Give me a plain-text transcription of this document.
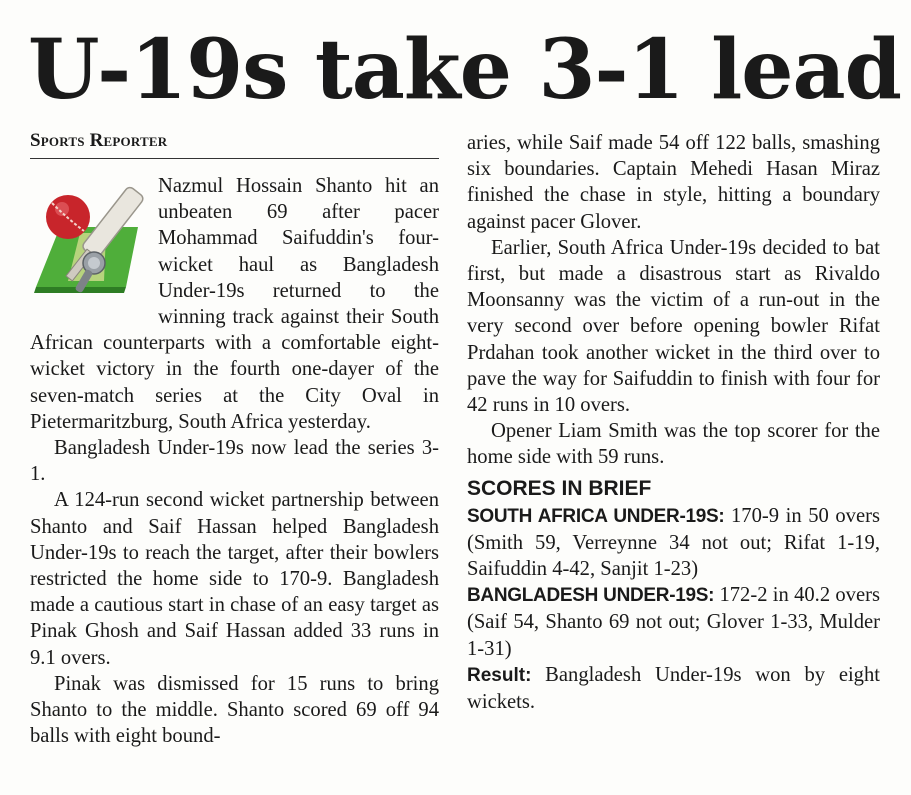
U-19s take 3-1 lead
Sports Reporter

Nazmul Hossain Shanto hit an unbeaten 69 after pacer Mohammad Saifuddin's four-wicket haul as Bangladesh Under-19s returned to the winning track against their South African counterparts with a comfortable eight-wicket victory in the fourth one-dayer of the seven-match series at the City Oval in Pietermaritzburg, South Africa yesterday.

Bangladesh Under-19s now lead the series 3-1.

A 124-run second wicket partnership between Shanto and Saif Hassan helped Bangladesh Under-19s to reach the target, after their bowlers restricted the home side to 170-9. Bangladesh made a cautious start in chase of an easy target as Pinak Ghosh and Saif Hassan added 33 runs in 9.1 overs.

Pinak was dismissed for 15 runs to bring Shanto to the middle. Shanto scored 69 off 94 balls with eight bound-

aries, while Saif made 54 off 122 balls, smashing six boundaries. Captain Mehedi Hasan Miraz finished the chase in style, hitting a boundary against pacer Glover.

Earlier, South Africa Under-19s decided to bat first, but made a disastrous start as Rivaldo Moonsanny was the victim of a run-out in the very second over before opening bowler Rifat Prdahan took another wicket in the third over to pave the way for Saifuddin to finish with four for 42 runs in 10 overs.

Opener Liam Smith was the top scorer for the home side with 59 runs.

SCORES IN BRIEF

SOUTH AFRICA UNDER-19S: 170-9 in 50 overs (Smith 59, Verreynne 34 not out; Rifat 1-19, Saifuddin 4-42, Sanjit 1-23)

BANGLADESH UNDER-19S: 172-2 in 40.2 overs (Saif 54, Shanto 69 not out; Glover 1-33, Mulder 1-31)

Result: Bangladesh Under-19s won by eight wickets.
